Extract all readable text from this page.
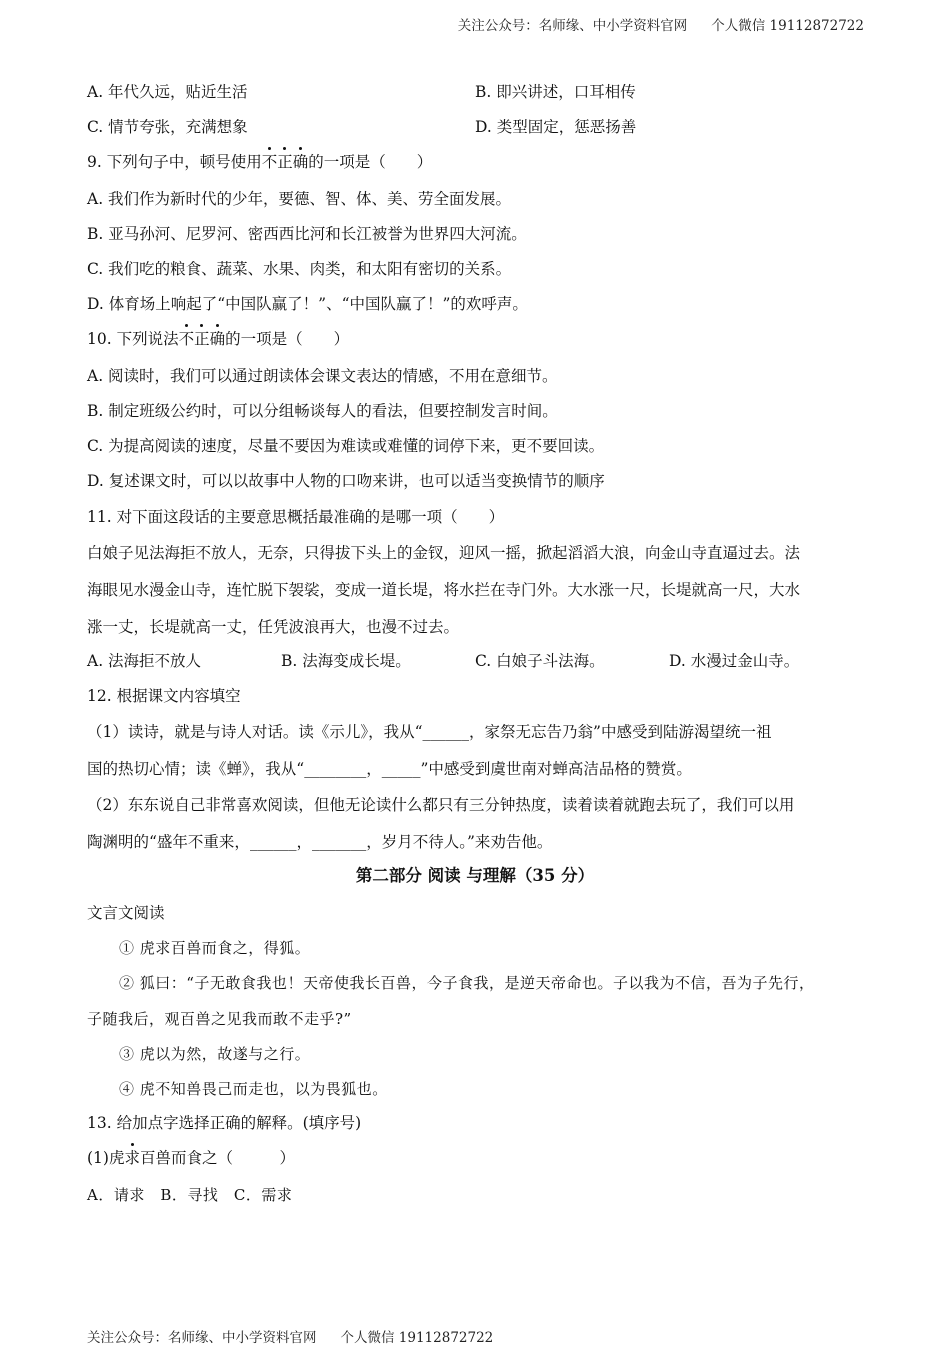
关注公众号：名师缘、中小学资料官网 个人微信 19112872722
A. 年代久远，贴近生活	B. 即兴讲述，口耳相传
C. 情节夸张，充满想象	D. 类型固定，惩恶扬善
9. 下列句子中，顿号使用不正确的一项是（　　）
A. 我们作为新时代的少年，要德、智、体、美、劳全面发展。
B. 亚马孙河、尼罗河、密西西比河和长江被誉为世界四大河流。
C. 我们吃的粮食、蔬菜、水果、肉类，和太阳有密切的关系。
D. 体育场上响起了“中国队赢了！”、“中国队赢了！”的欢呼声。
10. 下列说法不正确的一项是（　　）
A. 阅读时，我们可以通过朗读体会课文表达的情感，不用在意细节。
B. 制定班级公约时，可以分组畅谈每人的看法，但要控制发言时间。
C. 为提高阅读的速度，尽量不要因为难读或难懂的词停下来，更不要回读。
D. 复述课文时，可以以故事中人物的口吻来讲，也可以适当变换情节的顺序
11. 对下面这段话的主要意思概括最准确的是哪一项（　　）
白娘子见法海拒不放人，无奈，只得拔下头上的金钗，迎风一摇，掀起滔滔大浪，向金山寺直逼过去。法
海眼见水漫金山寺，连忙脱下袈裟，变成一道长堤，将水拦在寺门外。大水涨一尺，长堤就高一尺，大水
涨一丈，长堤就高一丈，任凭波浪再大，也漫不过去。
A. 法海拒不放人	B. 法海变成长堤。	C. 白娘子斗法海。	D. 水漫过金山寺。
12. 根据课文内容填空
（1）读诗，就是与诗人对话。读《示儿》，我从“______，家祭无忘告乃翁”中感受到陆游渴望统一祖
国的热切心情；读《蝉》，我从“________，_____”中感受到虞世南对蝉高洁品格的赞赏。
（2）东东说自己非常喜欢阅读，但他无论读什么都只有三分钟热度，读着读着就跑去玩了，我们可以用
陶渊明的“盛年不重来，______，_______，岁月不待人。”来劝告他。
第二部分 阅读 与理解（35 分）
文言文阅读
① 虎求百兽而食之，得狐。
② 狐曰：“子无敢食我也！天帝使我长百兽，今子食我，是逆天帝命也。子以我为不信，吾为子先行，
子随我后，观百兽之见我而敢不走乎?”
③ 虎以为然，故遂与之行。
④ 虎不知兽畏己而走也，以为畏狐也。
13. 给加点字选择正确的解释。(填序号)
(1)虎求百兽而食之（　　　）
A．请求　B．寻找　C．需求
关注公众号：名师缘、中小学资料官网 个人微信 19112872722
